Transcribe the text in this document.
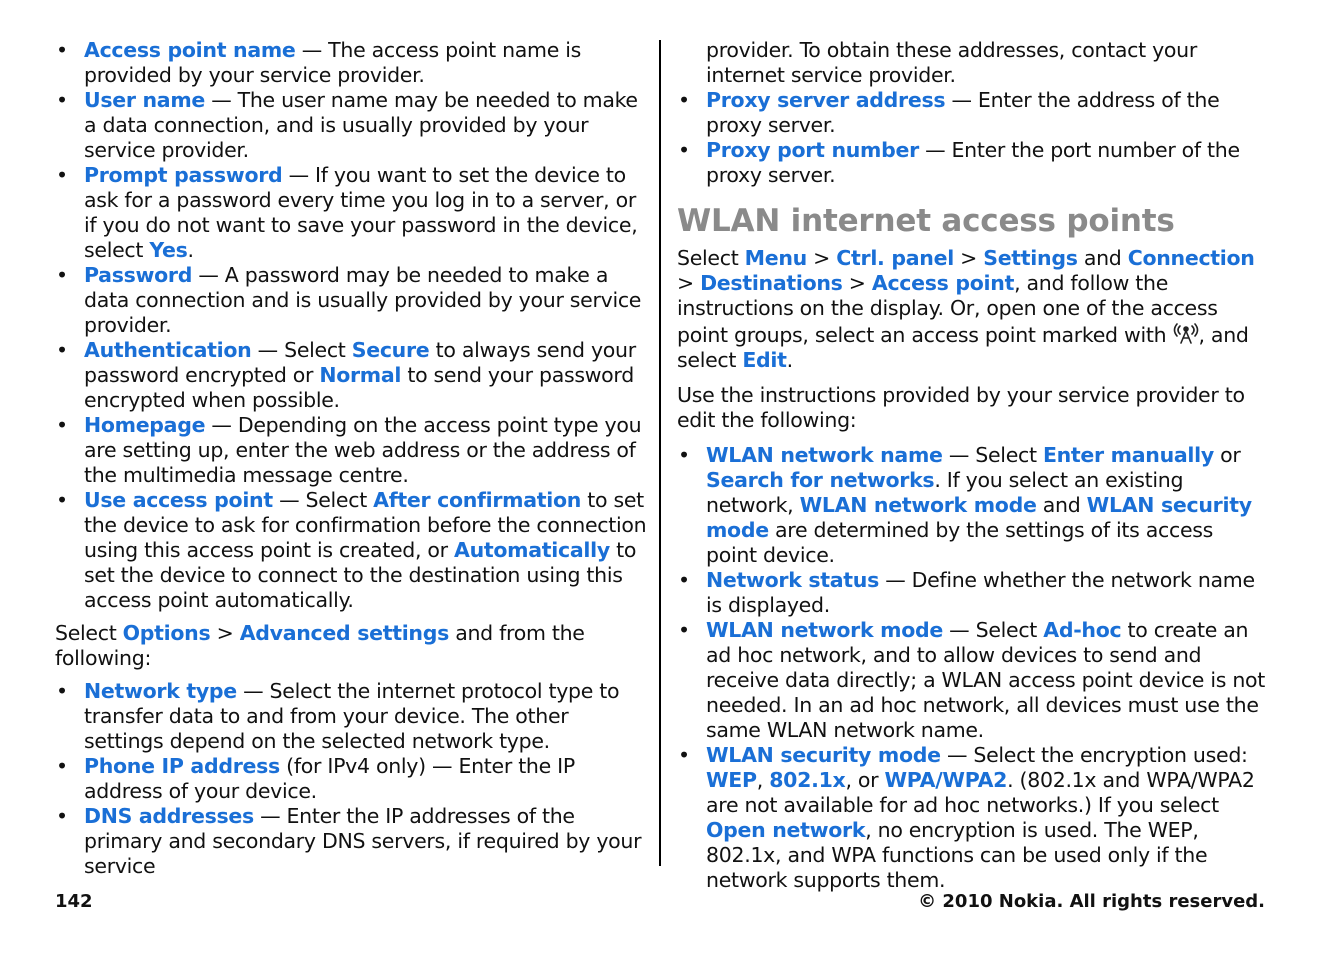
• Access point name — The access point name is provided by your service provider.
• User name — The user name may be needed to make a data connection, and is usually provided by your service provider.
• Prompt password — If you want to set the device to ask for a password every time you log in to a server, or if you do not want to save your password in the device, select Yes.
• Password — A password may be needed to make a data connection and is usually provided by your service provider.
• Authentication — Select Secure to always send your password encrypted or Normal to send your password encrypted when possible.
• Homepage — Depending on the access point type you are setting up, enter the web address or the address of the multimedia message centre.
• Use access point — Select After confirmation to set the device to ask for confirmation before the connection using this access point is created, or Automatically to set the device to connect to the destination using this access point automatically.

Select Options > Advanced settings and from the following:

• Network type — Select the internet protocol type to transfer data to and from your device. The other settings depend on the selected network type.
• Phone IP address (for IPv4 only) — Enter the IP address of your device.
• DNS addresses — Enter the IP addresses of the primary and secondary DNS servers, if required by your service

provider. To obtain these addresses, contact your internet service provider.

• Proxy server address — Enter the address of the proxy server.
• Proxy port number — Enter the port number of the proxy server.
WLAN internet access points

Select Menu > Ctrl. panel > Settings and Connection > Destinations > Access point, and follow the instructions on the display. Or, open one of the access point groups, select an access point marked with , and select Edit.

Use the instructions provided by your service provider to edit the following:

• WLAN network name — Select Enter manually or Search for networks. If you select an existing network, WLAN network mode and WLAN security mode are determined by the settings of its access point device.
• Network status — Define whether the network name is displayed.
• WLAN network mode — Select Ad-hoc to create an ad hoc network, and to allow devices to send and receive data directly; a WLAN access point device is not needed. In an ad hoc network, all devices must use the same WLAN network name.
• WLAN security mode — Select the encryption used: WEP, 802.1x, or WPA/WPA2. (802.1x and WPA/WPA2 are not available for ad hoc networks.) If you select Open network, no encryption is used. The WEP, 802.1x, and WPA functions can be used only if the network supports them.
142	© 2010 Nokia. All rights reserved.
